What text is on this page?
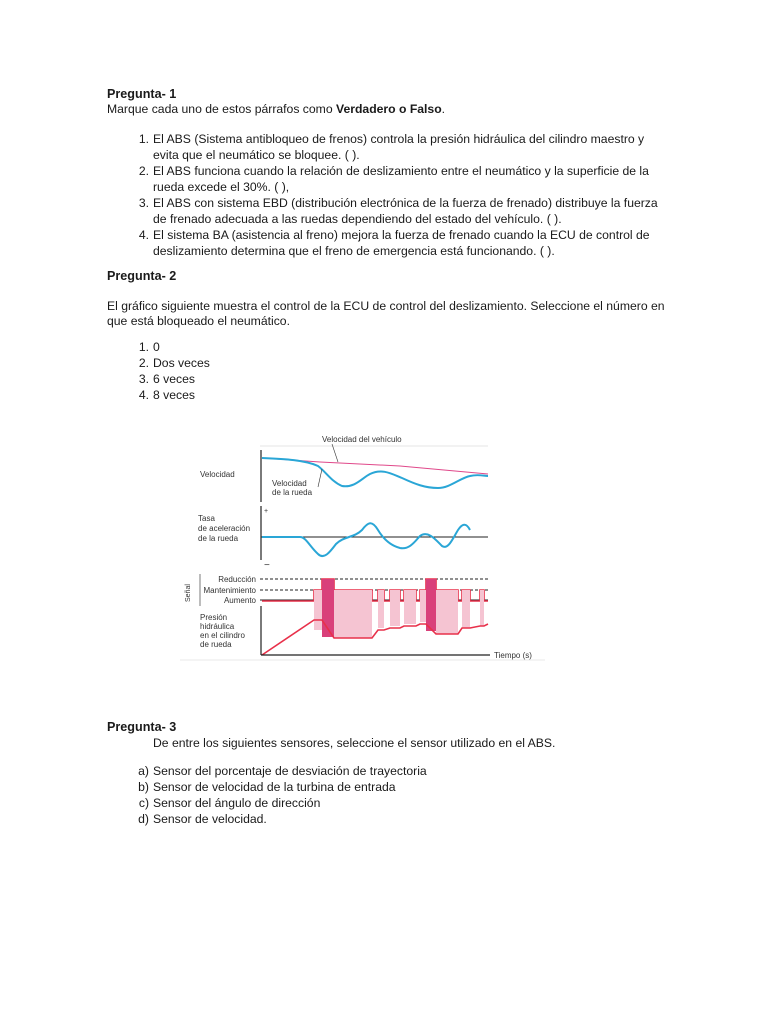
Pregunta- 1
Marque cada uno de estos párrafos como Verdadero o Falso.
1. El ABS (Sistema antibloqueo de frenos) controla la presión hidráulica del cilindro maestro y
evita que el neumático se bloquee. ( ).
2. El ABS funciona cuando la relación de deslizamiento entre el neumático y la superficie de la
rueda excede el 30%. ( ),
3. El ABS con sistema EBD (distribución electrónica de la fuerza de frenado) distribuye la fuerza
de frenado adecuada a las ruedas dependiendo del estado del vehículo. ( ).
4. El sistema BA (asistencia al freno) mejora la fuerza de frenado cuando la ECU de control de
deslizamiento determina que el freno de emergencia está funcionando. ( ).
Pregunta- 2
El gráfico siguiente muestra el control de la ECU de control del deslizamiento. Seleccione el número en
que está bloqueado el neumático.
1. 0
2. Dos veces
3. 6 veces
4. 8 veces
Velocidad del vehículo
Velocidad
Velocidad
de la rueda
+
Tasa
de aceleración
de la rueda
−
Señal
Reducción
Mantenimiento
Aumento
Presión
hidráulica
en el cilindro
de rueda
Tiempo (s)
Pregunta- 3
De entre los siguientes sensores, seleccione el sensor utilizado en el ABS.
a) Sensor del porcentaje de desviación de trayectoria
b) Sensor de velocidad de la turbina de entrada
c) Sensor del ángulo de dirección
d) Sensor de velocidad.
